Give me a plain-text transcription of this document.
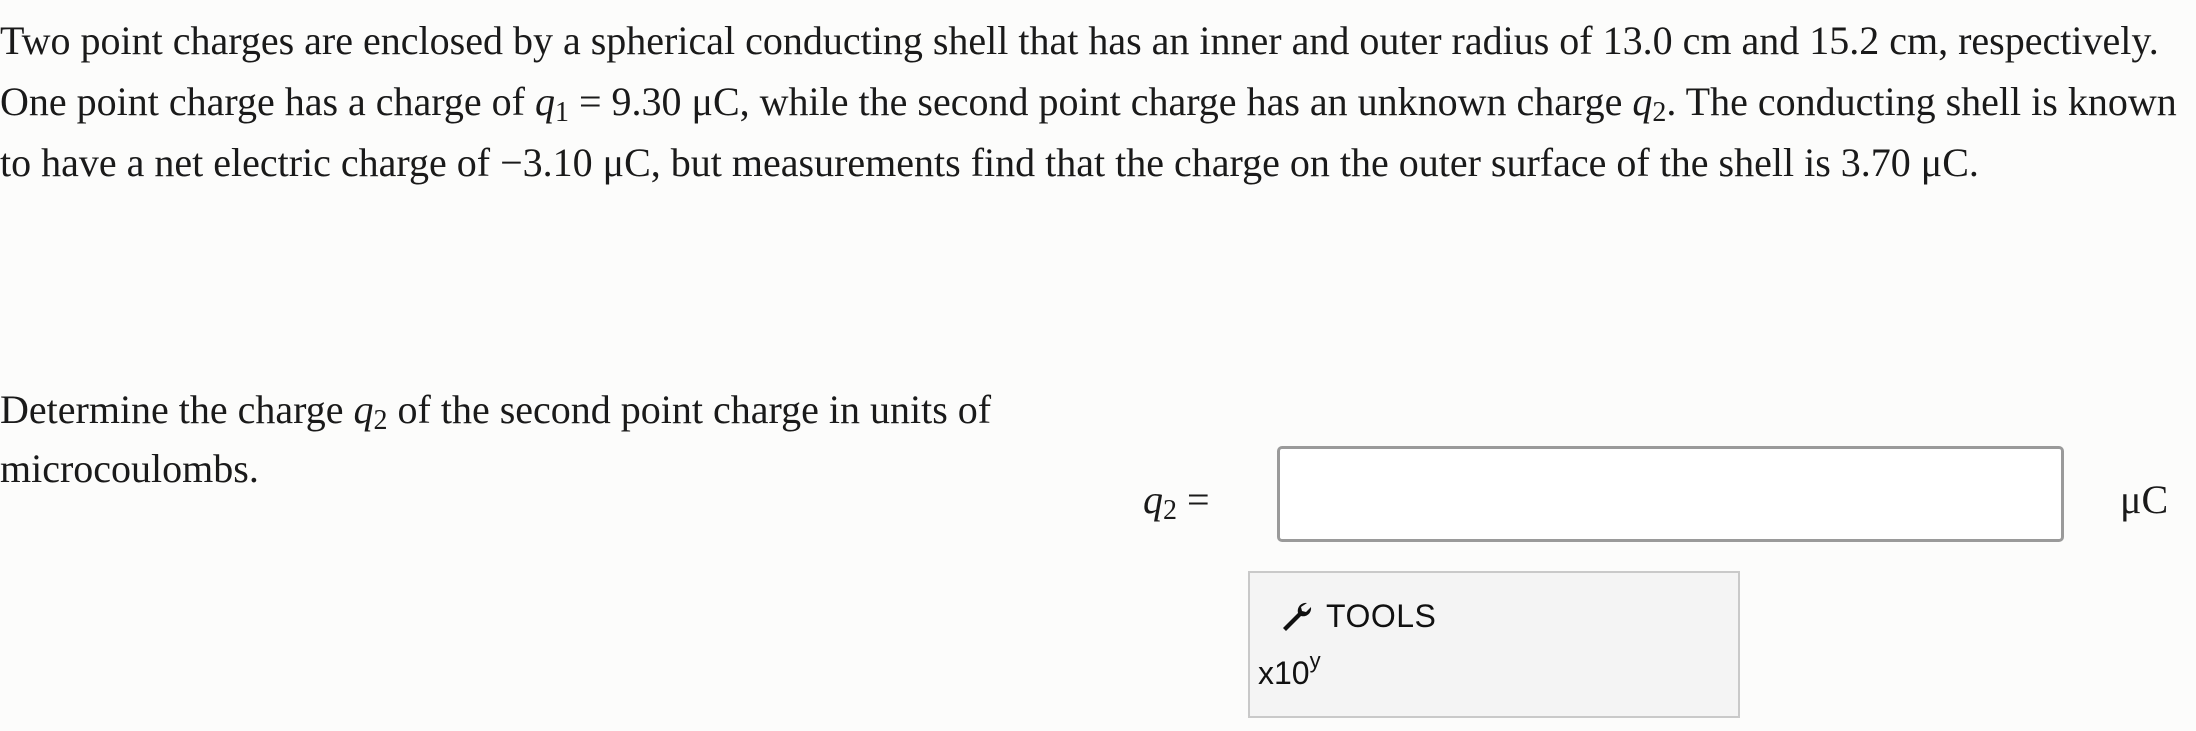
Two point charges are enclosed by a spherical conducting shell that has an inner and outer radius of 13.0 cm and 15.2 cm, respectively. One point charge has a charge of $q_1 = 9.30$ μC, while the second point charge has an unknown charge $q_2$. The conducting shell is known to have a net electric charge of −3.10 μC, but measurements find that the charge on the outer surface of the shell is 3.70 μC.

Determine the charge $q_2$ of the second point charge in units of microcoulombs.

$q_2$ =	μC
TOOLS
x10$^y$
